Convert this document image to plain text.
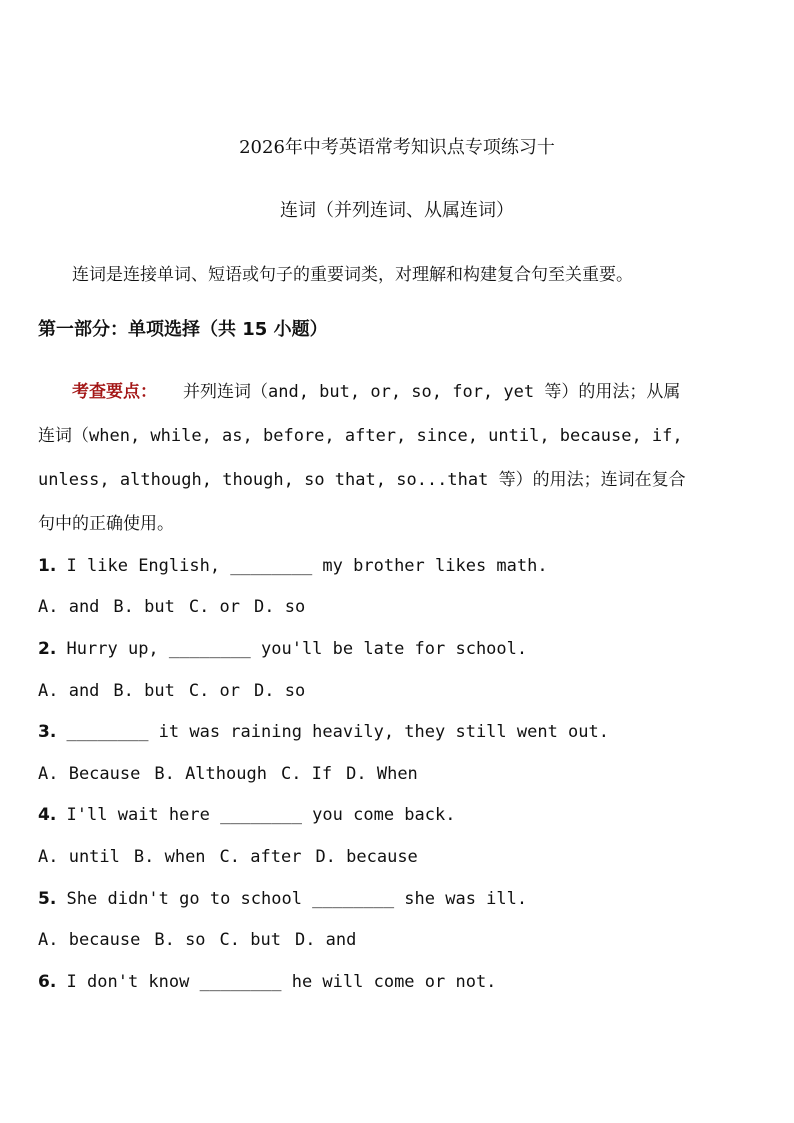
2026年中考英语常考知识点专项练习十
连词（并列连词、从属连词）
连词是连接单词、短语或句子的重要词类，对理解和构建复合句至关重要。
第一部分：单项选择（共 15 小题）
考查要点： 并列连词（and, but, or, so, for, yet 等）的用法；从属
连词（when, while, as, before, after, since, until, because, if,
unless, although, though, so that, so...that 等）的用法；连词在复合
句中的正确使用。
1. I like English, ________ my brother likes math.
A. and B. but C. or D. so
2. Hurry up, ________ you'll be late for school.
A. and B. but C. or D. so
3. ________ it was raining heavily, they still went out.
A. Because B. Although C. If D. When
4. I'll wait here ________ you come back.
A. until B. when C. after D. because
5. She didn't go to school ________ she was ill.
A. because B. so C. but D. and
6. I don't know ________ he will come or not.
